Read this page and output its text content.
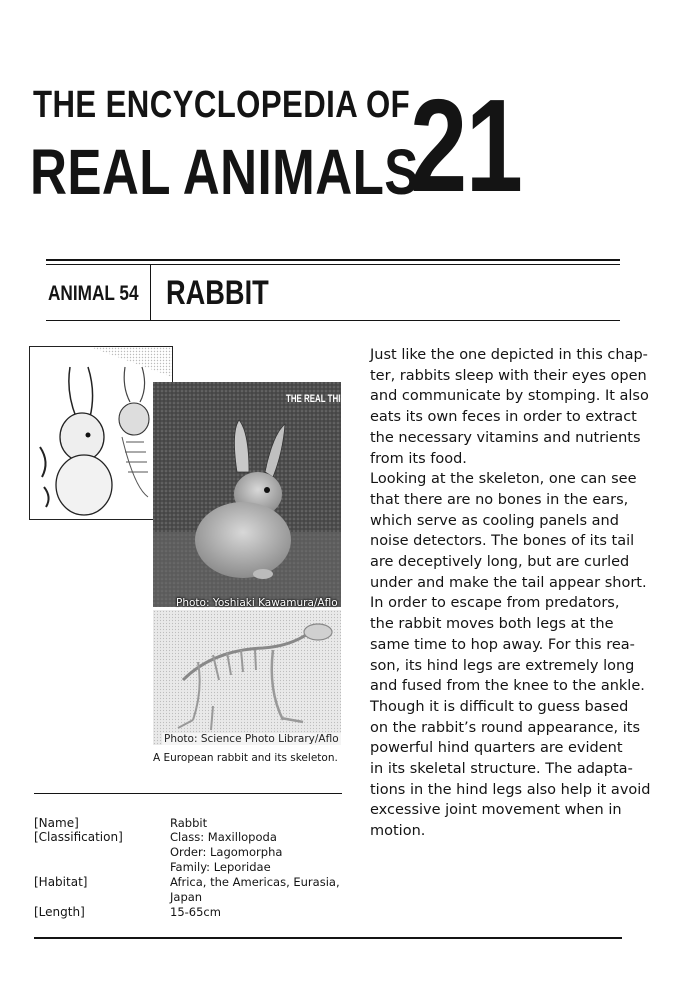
THE ENCYCLOPEDIA OF
REAL ANIMALS
21
ANIMAL 54 RABBIT
THE REAL THING
Photo: Yoshiaki Kawamura/Aflo
Photo: Science Photo Library/Aflo
A European rabbit and its skeleton.
Just like the one depicted in this chap-
ter, rabbits sleep with their eyes open
and communicate by stomping. It also
eats its own feces in order to extract
the necessary vitamins and nutrients
from its food.
Looking at the skeleton, one can see
that there are no bones in the ears,
which serve as cooling panels and
noise detectors. The bones of its tail
are deceptively long, but are curled
under and make the tail appear short.
In order to escape from predators,
the rabbit moves both legs at the
same time to hop away. For this rea-
son, its hind legs are extremely long
and fused from the knee to the ankle.
Though it is difficult to guess based
on the rabbit’s round appearance, its
powerful hind quarters are evident
in its skeletal structure. The adapta-
tions in the hind legs also help it avoid
excessive joint movement when in
motion.
[Name]	Rabbit
[Classification]	Class: Maxillopoda
Order: Lagomorpha
Family: Leporidae
[Habitat]	Africa, the Americas, Eurasia,
Japan
[Length]	15-65cm
